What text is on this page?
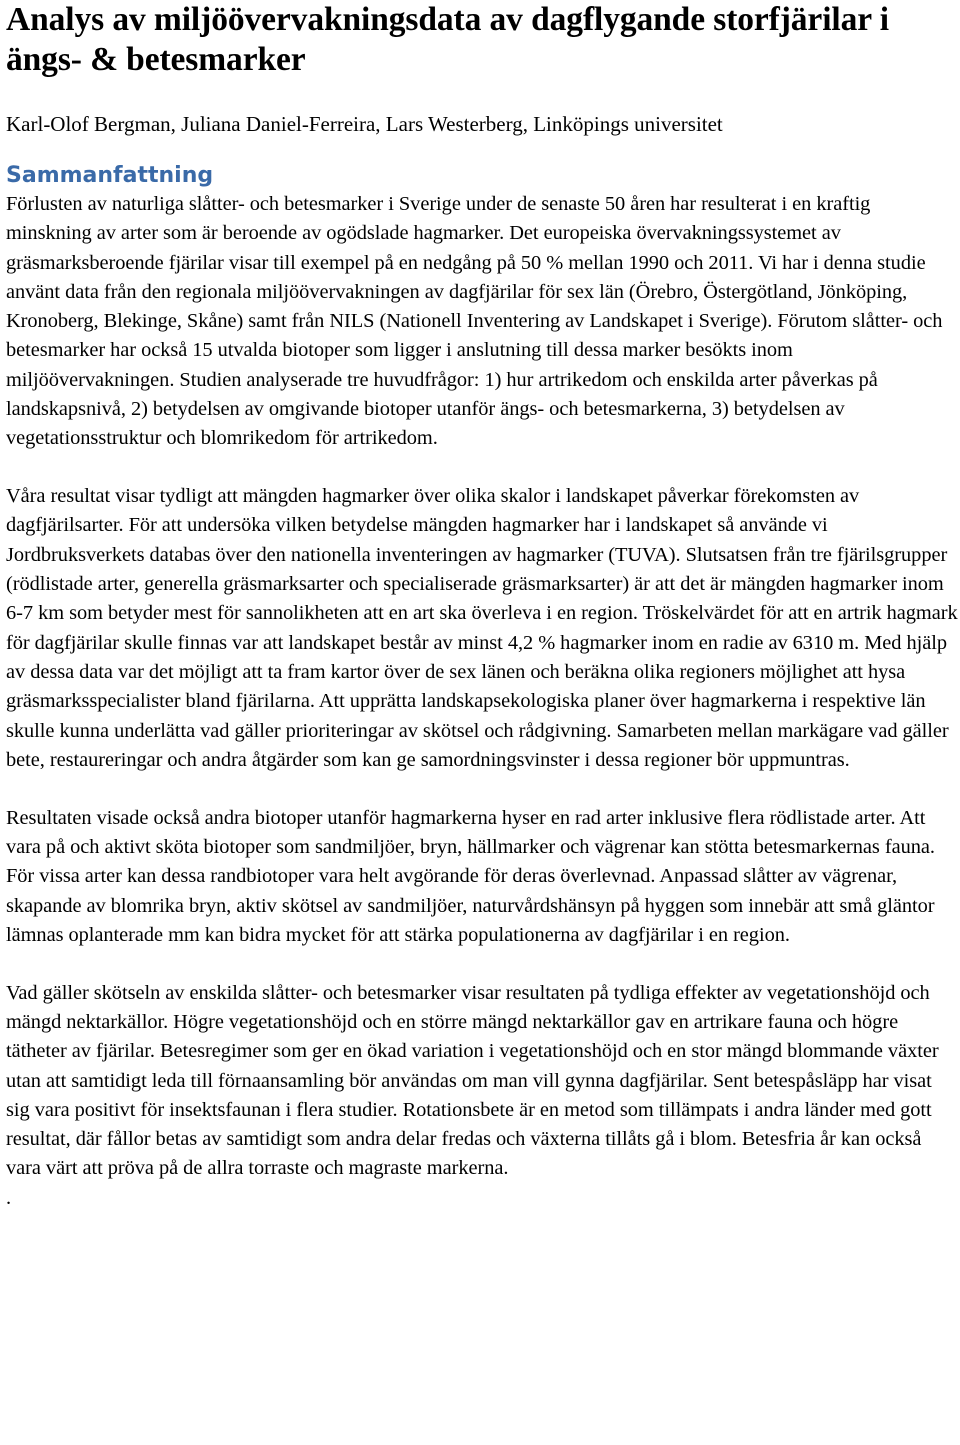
Analys av miljöövervakningsdata av dagflygande storfjärilar i ängs- & betesmarker

Karl-Olof Bergman, Juliana Daniel-Ferreira, Lars Westerberg, Linköpings universitet

Sammanfattning

Förlusten av naturliga slåtter- och betesmarker i Sverige under de senaste 50 åren har resulterat i en kraftig minskning av arter som är beroende av ogödslade hagmarker. Det europeiska övervakningssystemet av gräsmarksberoende fjärilar visar till exempel på en nedgång på 50 % mellan 1990 och 2011. Vi har i denna studie använt data från den regionala miljöövervakningen av dagfjärilar för sex län (Örebro, Östergötland, Jönköping, Kronoberg, Blekinge, Skåne) samt från NILS (Nationell Inventering av Landskapet i Sverige). Förutom slåtter- och betesmarker har också 15 utvalda biotoper som ligger i anslutning till dessa marker besökts inom miljöövervakningen. Studien analyserade tre huvudfrågor: 1) hur artrikedom och enskilda arter påverkas på landskapsnivå, 2) betydelsen av omgivande biotoper utanför ängs- och betesmarkerna, 3) betydelsen av vegetationsstruktur och blomrikedom för artrikedom.

Våra resultat visar tydligt att mängden hagmarker över olika skalor i landskapet påverkar förekomsten av dagfjärilsarter. För att undersöka vilken betydelse mängden hagmarker har i landskapet så använde vi Jordbruksverkets databas över den nationella inventeringen av hagmarker (TUVA). Slutsatsen från tre fjärilsgrupper (rödlistade arter, generella gräsmarksarter och specialiserade gräsmarksarter) är att det är mängden hagmarker inom 6-7 km som betyder mest för sannolikheten att en art ska överleva i en region. Tröskelvärdet för att en artrik hagmark för dagfjärilar skulle finnas var att landskapet består av minst 4,2 % hagmarker inom en radie av 6310 m. Med hjälp av dessa data var det möjligt att ta fram kartor över de sex länen och beräkna olika regioners möjlighet att hysa gräsmarksspecialister bland fjärilarna. Att upprätta landskapsekologiska planer över hagmarkerna i respektive län skulle kunna underlätta vad gäller prioriteringar av skötsel och rådgivning. Samarbeten mellan markägare vad gäller bete, restaureringar och andra åtgärder som kan ge samordningsvinster i dessa regioner bör uppmuntras.

Resultaten visade också andra biotoper utanför hagmarkerna hyser en rad arter inklusive flera rödlistade arter. Att vara på och aktivt sköta biotoper som sandmiljöer, bryn, hällmarker och vägrenar kan stötta betesmarkernas fauna. För vissa arter kan dessa randbiotoper vara helt avgörande för deras överlevnad. Anpassad slåtter av vägrenar, skapande av blomrika bryn, aktiv skötsel av sandmiljöer, naturvårdshänsyn på hyggen som innebär att små gläntor lämnas oplanterade mm kan bidra mycket för att stärka populationerna av dagfjärilar i en region.

Vad gäller skötseln av enskilda slåtter- och betesmarker visar resultaten på tydliga effekter av vegetationshöjd och mängd nektarkällor. Högre vegetationshöjd och en större mängd nektarkällor gav en artrikare fauna och högre tätheter av fjärilar. Betesregimer som ger en ökad variation i vegetationshöjd och en stor mängd blommande växter utan att samtidigt leda till förnaansamling bör användas om man vill gynna dagfjärilar. Sent betespåsläpp har visat sig vara positivt för insektsfaunan i flera studier. Rotationsbete är en metod som tillämpats i andra länder med gott resultat, där fållor betas av samtidigt som andra delar fredas och växterna tillåts gå i blom. Betesfria år kan också vara värt att pröva på de allra torraste och magraste markerna.

.
